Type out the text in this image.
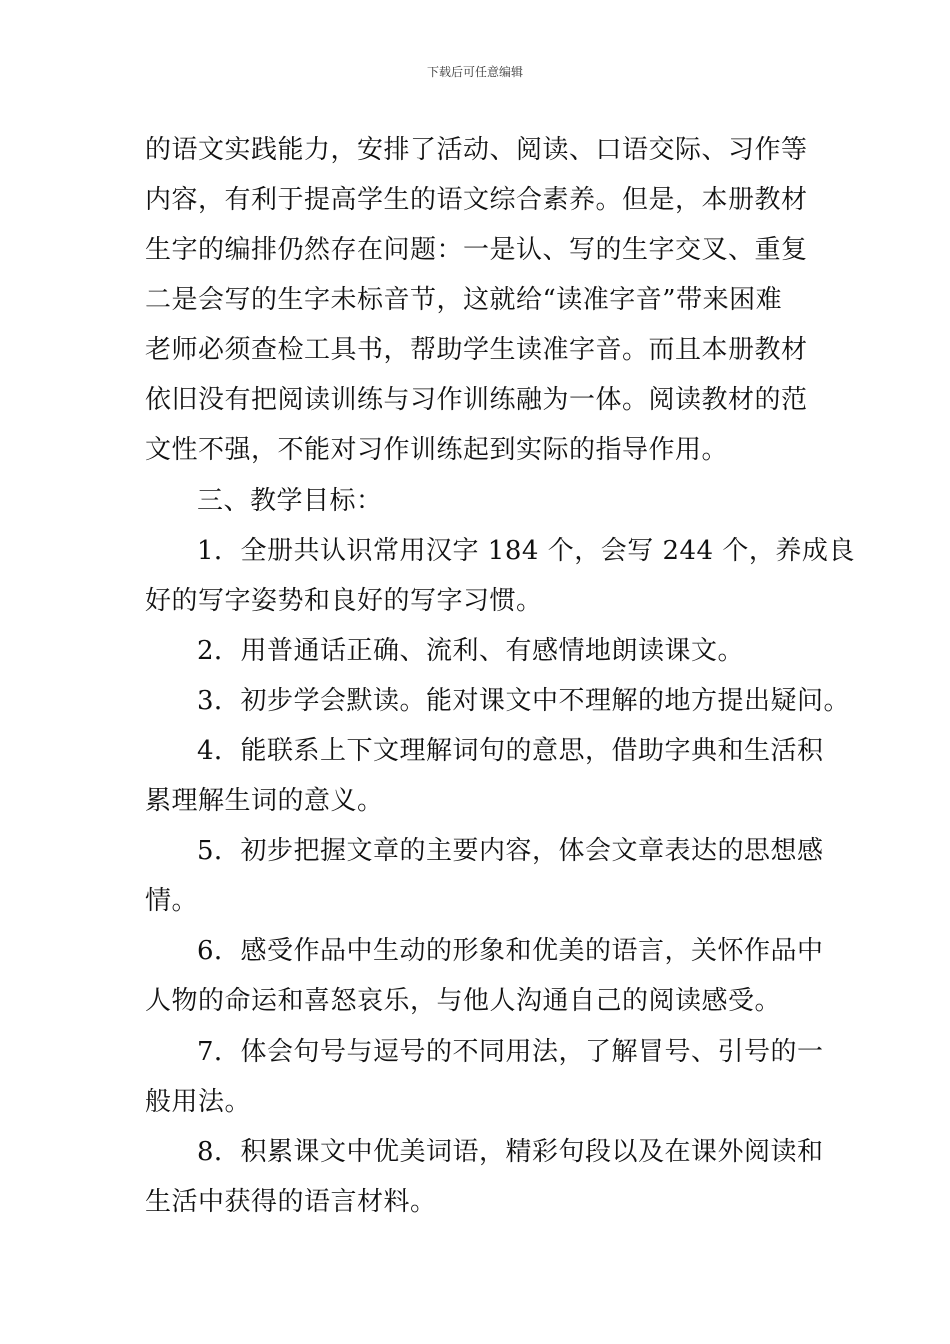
下载后可任意编辑
的语文实践能力，安排了活动、阅读、口语交际、习作等
内容，有利于提高学生的语文综合素养。但是，本册教材
生字的编排仍然存在问题：一是认、写的生字交叉、重复
二是会写的生字未标音节，这就给“读准字音”带来困难
老师必须查检工具书，帮助学生读准字音。而且本册教材
依旧没有把阅读训练与习作训练融为一体。阅读教材的范
文性不强，不能对习作训练起到实际的指导作用。
三、教学目标：
1．全册共认识常用汉字 184 个，会写 244 个，养成良
好的写字姿势和良好的写字习惯。
2．用普通话正确、流利、有感情地朗读课文。
3．初步学会默读。能对课文中不理解的地方提出疑问。
4．能联系上下文理解词句的意思，借助字典和生活积
累理解生词的意义。
5．初步把握文章的主要内容，体会文章表达的思想感
情。
6．感受作品中生动的形象和优美的语言，关怀作品中
人物的命运和喜怒哀乐，与他人沟通自己的阅读感受。
7．体会句号与逗号的不同用法，了解冒号、引号的一
般用法。
8．积累课文中优美词语，精彩句段以及在课外阅读和
生活中获得的语言材料。
